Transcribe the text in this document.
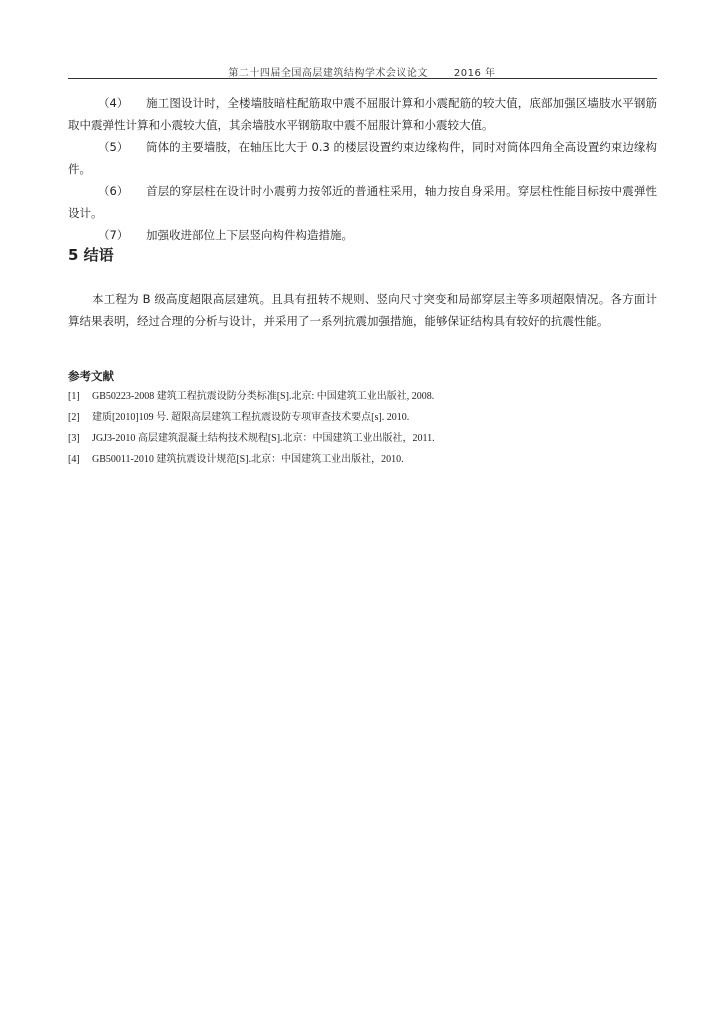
第二十四届全国高层建筑结构学术会议论文	2016 年

（4） 施工图设计时，全楼墙肢暗柱配筋取中震不屈服计算和小震配筋的较大值，底部加强区墙肢水平钢筋取中震弹性计算和小震较大值，其余墙肢水平钢筋取中震不屈服计算和小震较大值。

（5） 筒体的主要墙肢，在轴压比大于 0.3 的楼层设置约束边缘构件，同时对筒体四角全高设置约束边缘构件。

（6） 首层的穿层柱在设计时小震剪力按邻近的普通柱采用，轴力按自身采用。穿层柱性能目标按中震弹性设计。

（7） 加强收进部位上下层竖向构件构造措施。

5 结语

本工程为 B 级高度超限高层建筑。且具有扭转不规则、竖向尺寸突变和局部穿层主等多项超限情况。各方面计算结果表明，经过合理的分析与设计，并采用了一系列抗震加强措施，能够保证结构具有较好的抗震性能。

参考文献
[1] GB50223-2008 建筑工程抗震设防分类标准[S].北京: 中国建筑工业出版社, 2008.
[2] 建质[2010]109 号. 超限高层建筑工程抗震设防专项审查技术要点[s]. 2010.
[3] JGJ3-2010 高层建筑混凝土结构技术规程[S].北京：中国建筑工业出版社，2011.
[4] GB50011-2010 建筑抗震设计规范[S].北京：中国建筑工业出版社，2010.
